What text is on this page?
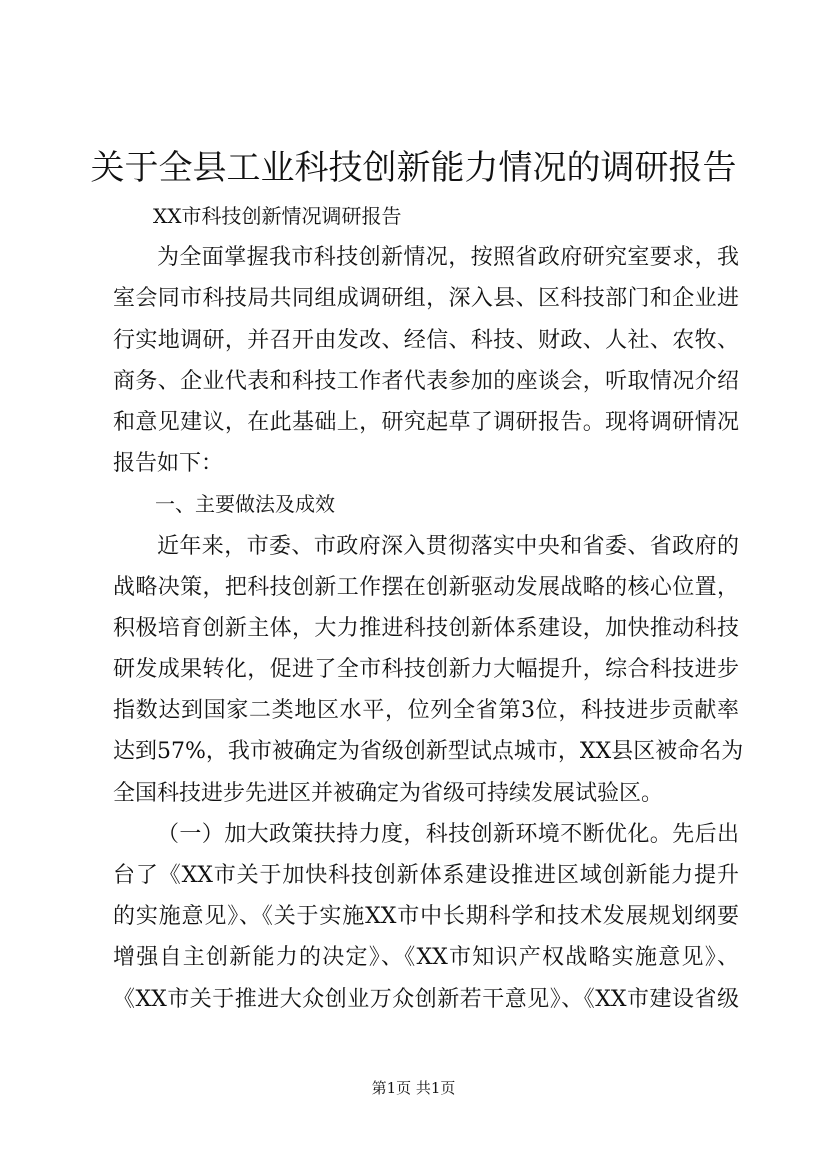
关于全县工业科技创新能力情况的调研报告
XX市科技创新情况调研报告
为全面掌握我市科技创新情况，按照省政府研究室要求，我
室会同市科技局共同组成调研组，深入县、区科技部门和企业进
行实地调研，并召开由发改、经信、科技、财政、人社、农牧、
商务、企业代表和科技工作者代表参加的座谈会，听取情况介绍
和意见建议，在此基础上，研究起草了调研报告。现将调研情况
报告如下：
一、主要做法及成效
近年来，市委、市政府深入贯彻落实中央和省委、省政府的
战略决策，把科技创新工作摆在创新驱动发展战略的核心位置，
积极培育创新主体，大力推进科技创新体系建设，加快推动科技
研发成果转化，促进了全市科技创新力大幅提升，综合科技进步
指数达到国家二类地区水平，位列全省第3位，科技进步贡献率
达到57%，我市被确定为省级创新型试点城市，XX县区被命名为
全国科技进步先进区并被确定为省级可持续发展试验区。
（一）加大政策扶持力度，科技创新环境不断优化。先后出
台了《XX市关于加快科技创新体系建设推进区域创新能力提升
的实施意见》、《关于实施XX市中长期科学和技术发展规划纲要
增强自主创新能力的决定》、《XX市知识产权战略实施意见》、
《XX市关于推进大众创业万众创新若干意见》、《XX市建设省级
第1页 共1页
